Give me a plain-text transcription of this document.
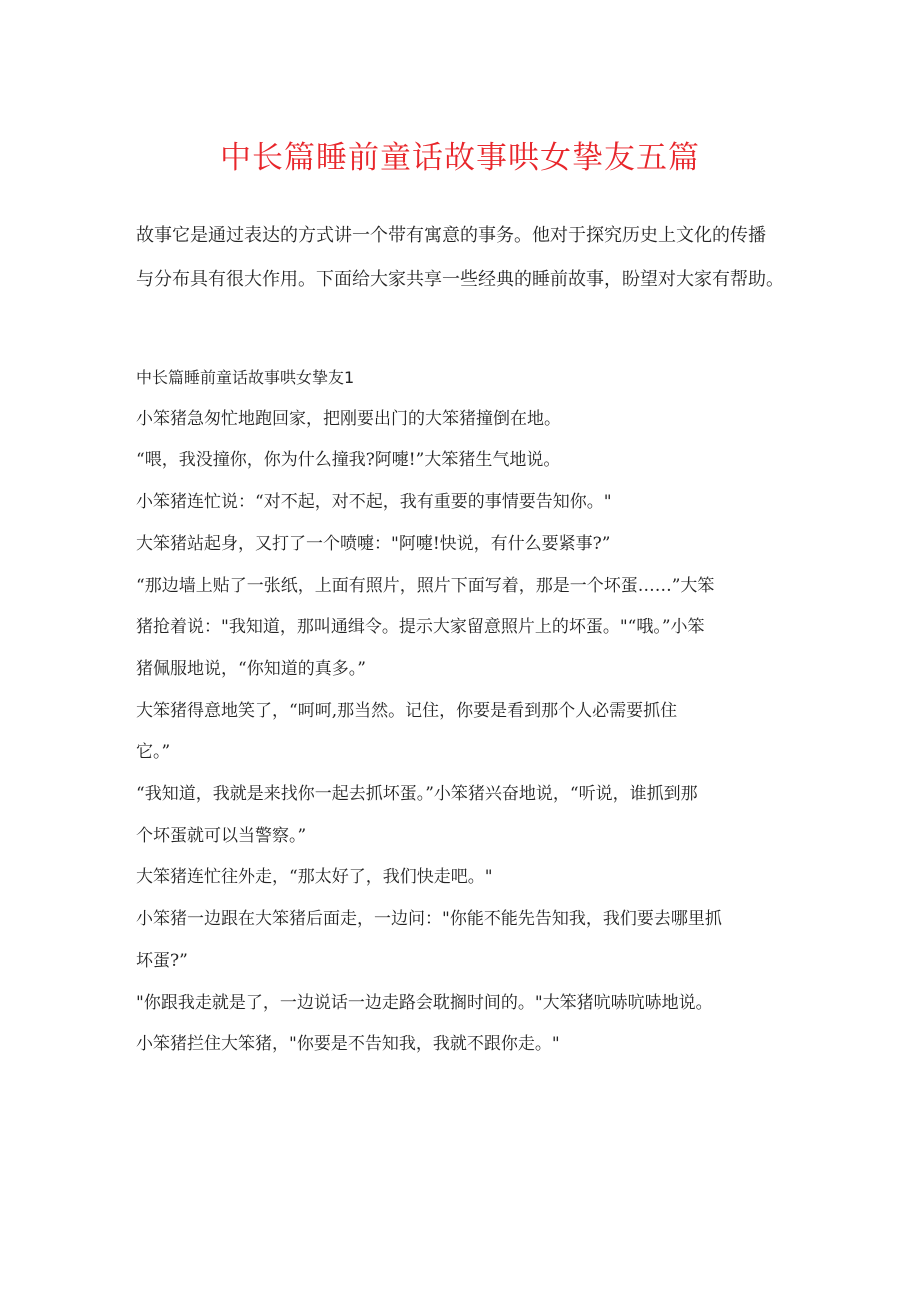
中长篇睡前童话故事哄女挚友五篇

故事它是通过表达的方式讲一个带有寓意的事务。他对于探究历史上文化的传播

与分布具有很大作用。下面给大家共享一些经典的睡前故事，盼望对大家有帮助。

中长篇睡前童话故事哄女挚友1

小笨猪急匆忙地跑回家，把刚要出门的大笨猪撞倒在地。

“喂，我没撞你，你为什么撞我?阿嚏!”大笨猪生气地说。

小笨猪连忙说：“对不起，对不起，我有重要的事情要告知你。"

大笨猪站起身，又打了一个喷嚏："阿嚏!快说，有什么要紧事?”

“那边墙上贴了一张纸，上面有照片，照片下面写着，那是一个坏蛋……”大笨

猪抢着说："我知道，那叫通缉令。提示大家留意照片上的坏蛋。"“哦。”小笨

猪佩服地说，“你知道的真多。”

大笨猪得意地笑了，“呵呵,那当然。记住，你要是看到那个人必需要抓住

它。”

“我知道，我就是来找你一起去抓坏蛋。”小笨猪兴奋地说，“听说，谁抓到那

个坏蛋就可以当警察。”

大笨猪连忙往外走，“那太好了，我们快走吧。"

小笨猪一边跟在大笨猪后面走，一边问："你能不能先告知我，我们要去哪里抓

坏蛋?”

"你跟我走就是了，一边说话一边走路会耽搁时间的。"大笨猪吭哧吭哧地说。

小笨猪拦住大笨猪，"你要是不告知我，我就不跟你走。"
